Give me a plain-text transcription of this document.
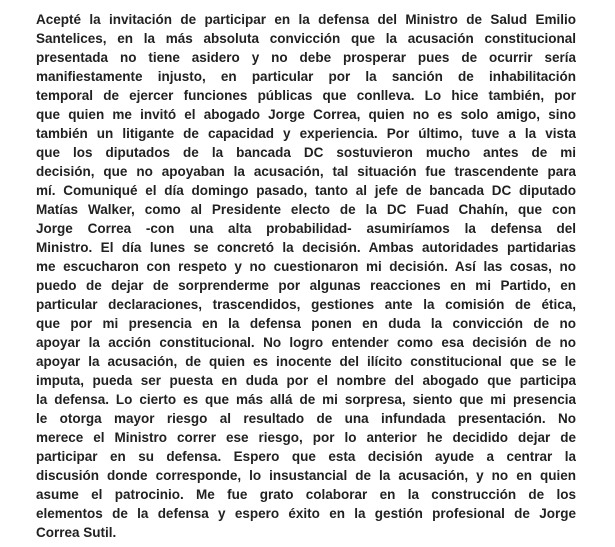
Acepté la invitación de participar en la defensa del Ministro de Salud Emilio
Santelices, en la más absoluta convicción que la acusación constitucional
presentada no tiene asidero y no debe prosperar pues de ocurrir sería
manifiestamente injusto, en particular por la sanción de inhabilitación
temporal de ejercer funciones públicas que conlleva. Lo hice también, por
que quien me invitó el abogado Jorge Correa, quien no es solo amigo, sino
también un litigante de capacidad y experiencia. Por último, tuve a la vista
que los diputados de la bancada DC sostuvieron mucho antes de mi
decisión, que no apoyaban la acusación, tal situación fue trascendente para
mí. Comuniqué el día domingo pasado, tanto al jefe de bancada DC diputado
Matías Walker, como al Presidente electo de la DC Fuad Chahín, que con
Jorge Correa -con una alta probabilidad- asumiríamos la defensa del
Ministro. El día lunes se concretó la decisión. Ambas autoridades partidarias
me escucharon con respeto y no cuestionaron mi decisión. Así las cosas, no
puedo de dejar de sorprenderme por algunas reacciones en mi Partido, en
particular declaraciones, trascendidos, gestiones ante la comisión de ética,
que por mi presencia en la defensa ponen en duda la convicción de no
apoyar la acción constitucional. No logro entender como esa decisión de no
apoyar la acusación, de quien es inocente del ilícito constitucional que se le
imputa, pueda ser puesta en duda por el nombre del abogado que participa
la defensa. Lo cierto es que más allá de mi sorpresa, siento que mi presencia
le otorga mayor riesgo al resultado de una infundada presentación. No
merece el Ministro correr ese riesgo, por lo anterior he decidido dejar de
participar en su defensa. Espero que esta decisión ayude a centrar la
discusión donde corresponde, lo insustancial de la acusación, y no en quien
asume el patrocinio. Me fue grato colaborar en la construcción de los
elementos de la defensa y espero éxito en la gestión profesional de Jorge
Correa Sutil.
